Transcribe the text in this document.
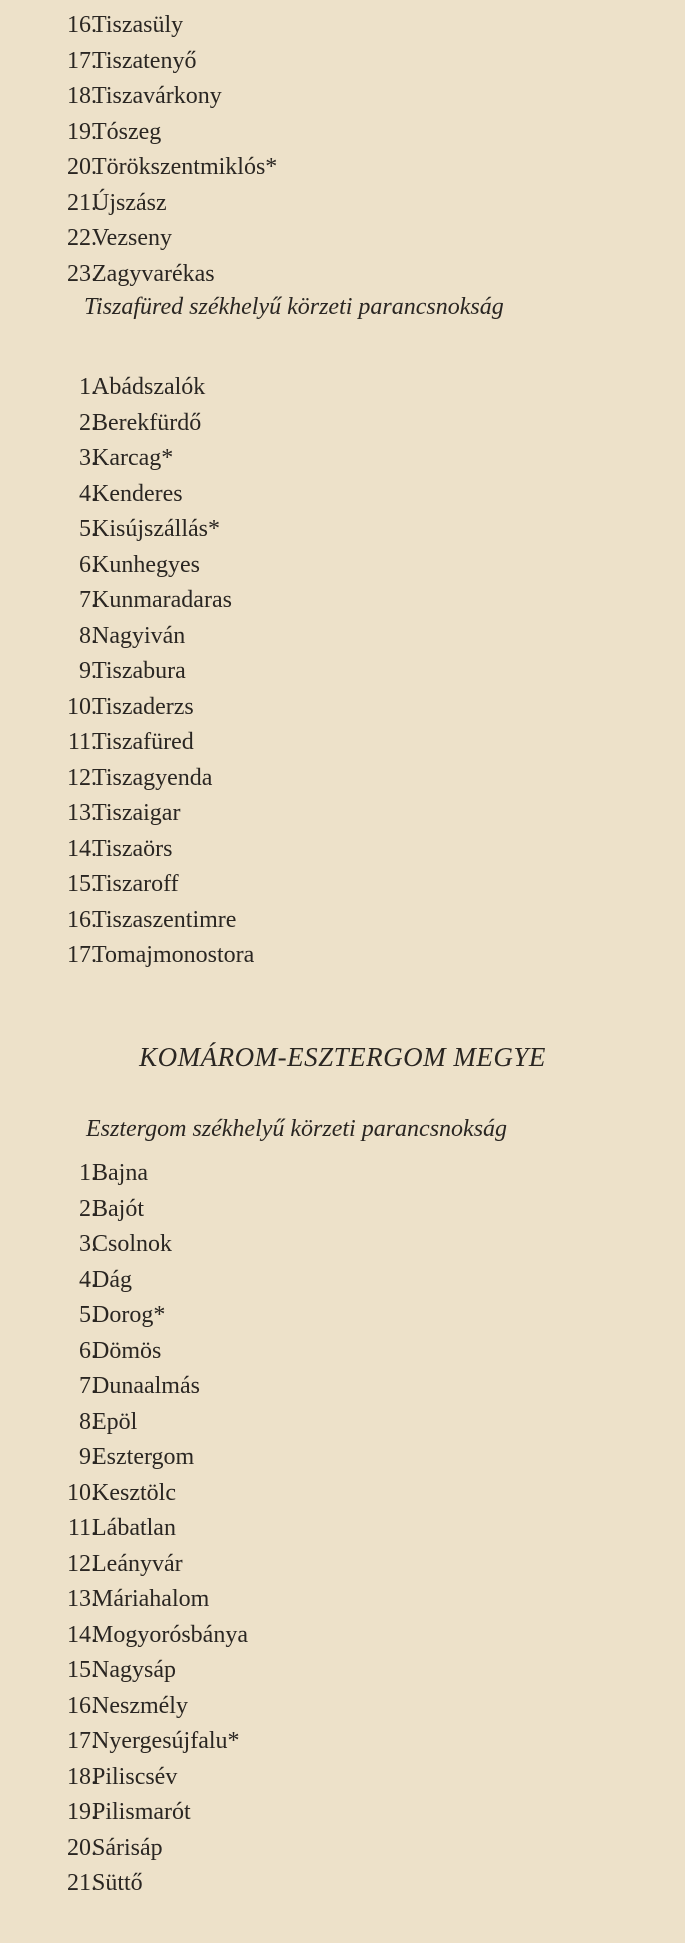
16.
Tiszasüly
17.
Tiszatenyő
18.
Tiszavárkony
19.
Tószeg
20.
Törökszentmiklós*
21.
Újszász
22.
Vezseny
23.
Zagyvarékas
Tiszafüred székhelyű körzeti parancsnokság
1.
Abádszalók
2.
Berekfürdő
3.
Karcag*
4.
Kenderes
5.
Kisújszállás*
6.
Kunhegyes
7.
Kunmaradaras
8.
Nagyiván
9.
Tiszabura
10.
Tiszaderzs
11.
Tiszafüred
12.
Tiszagyenda
13.
Tiszaigar
14.
Tiszaörs
15.
Tiszaroff
16.
Tiszaszentimre
17.
Tomajmonostora
KOMÁROM-ESZTERGOM MEGYE
Esztergom székhelyű körzeti parancsnokság
1.
Bajna
2.
Bajót
3.
Csolnok
4.
Dág
5.
Dorog*
6.
Dömös
7.
Dunaalmás
8.
Epöl
9.
Esztergom
10.
Kesztölc
11.
Lábatlan
12.
Leányvár
13.
Máriahalom
14.
Mogyorósbánya
15.
Nagysáp
16.
Neszmély
17.
Nyergesújfalu*
18.
Piliscsév
19.
Pilismarót
20.
Sárisáp
21.
Süttő
